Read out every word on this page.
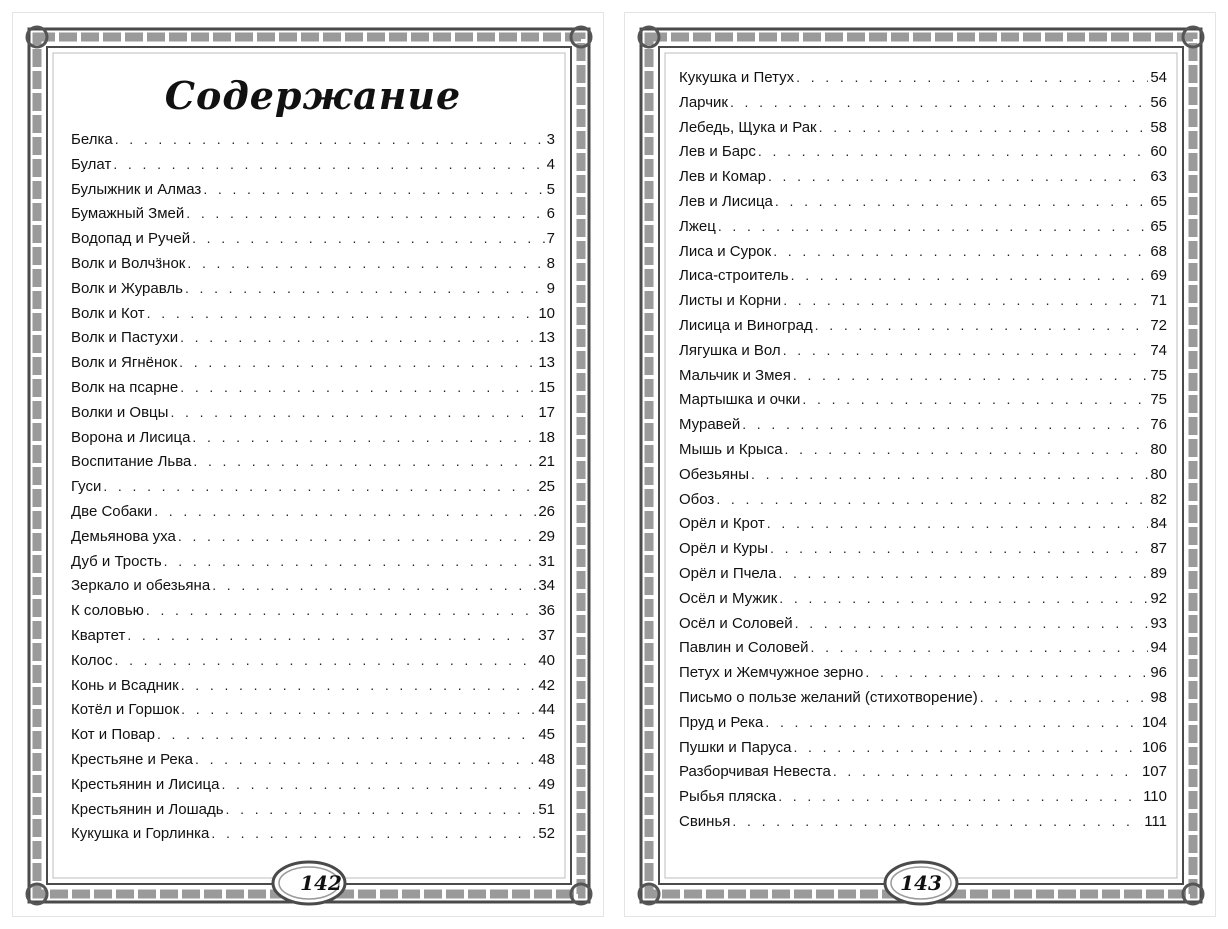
Содержание
Белка . . .	3
Булат . . .	4
Булыжник и Алмаз . . .	5
Бумажный Змей . . .	6
Водопад и Ручей . . .	7
Волк и Волчӟнок . . .	8
Волк и Журавль . . .	9
Волк и Кот . . .	10
Волк и Пастухи . . .	13
Волк и Ягнёнок . . .	13
Волк на псарне . . .	15
Волки и Овцы . . .	17
Ворона и Лисица . . .	18
Воспитание Льва . . .	21
Гуси . . .	25
Две Собаки . . .	26
Демьянова уха . . .	29
Дуб и Трость . . .	31
Зеркало и обезьяна . . .	34
К соловью . . .	36
Квартет . . .	37
Колос . . .	40
Конь и Всадник . . .	42
Котёл и Горшок . . .	44
Кот и Повар . . .	45
Крестьяне и Река . . .	48
Крестьянин и Лисица . . .	49
Крестьянин и Лошадь . . .	51
Кукушка и Горлинка . . .	52
142
Кукушка и Петух . . .	54
Ларчик . . .	56
Лебедь, Щука и Рак . . .	58
Лев и Барс . . .	60
Лев и Комар . . .	63
Лев и Лисица . . .	65
Лжец . . .	65
Лиса и Сурок . . .	68
Лиса-строитель . . .	69
Листы и Корни . . .	71
Лисица и Виноград . . .	72
Лягушка и Вол . . .	74
Мальчик и Змея . . .	75
Мартышка и очки . . .	75
Муравей . . .	76
Мышь и Крыса . . .	80
Обезьяны . . .	80
Обоз . . .	82
Орёл и Крот . . .	84
Орёл и Куры . . .	87
Орёл и Пчела . . .	89
Осёл и Мужик . . .	92
Осёл и Соловей . . .	93
Павлин и Соловей . . .	94
Петух и Жемчужное зерно . . .	96
Письмо о пользе желаний (стихотворение) . . .	98
Пруд и Река . . .	104
Пушки и Паруса . . .	106
Разборчивая Невеста . . .	107
Рыбья пляска . . .	110
Свинья . . .	111
143
